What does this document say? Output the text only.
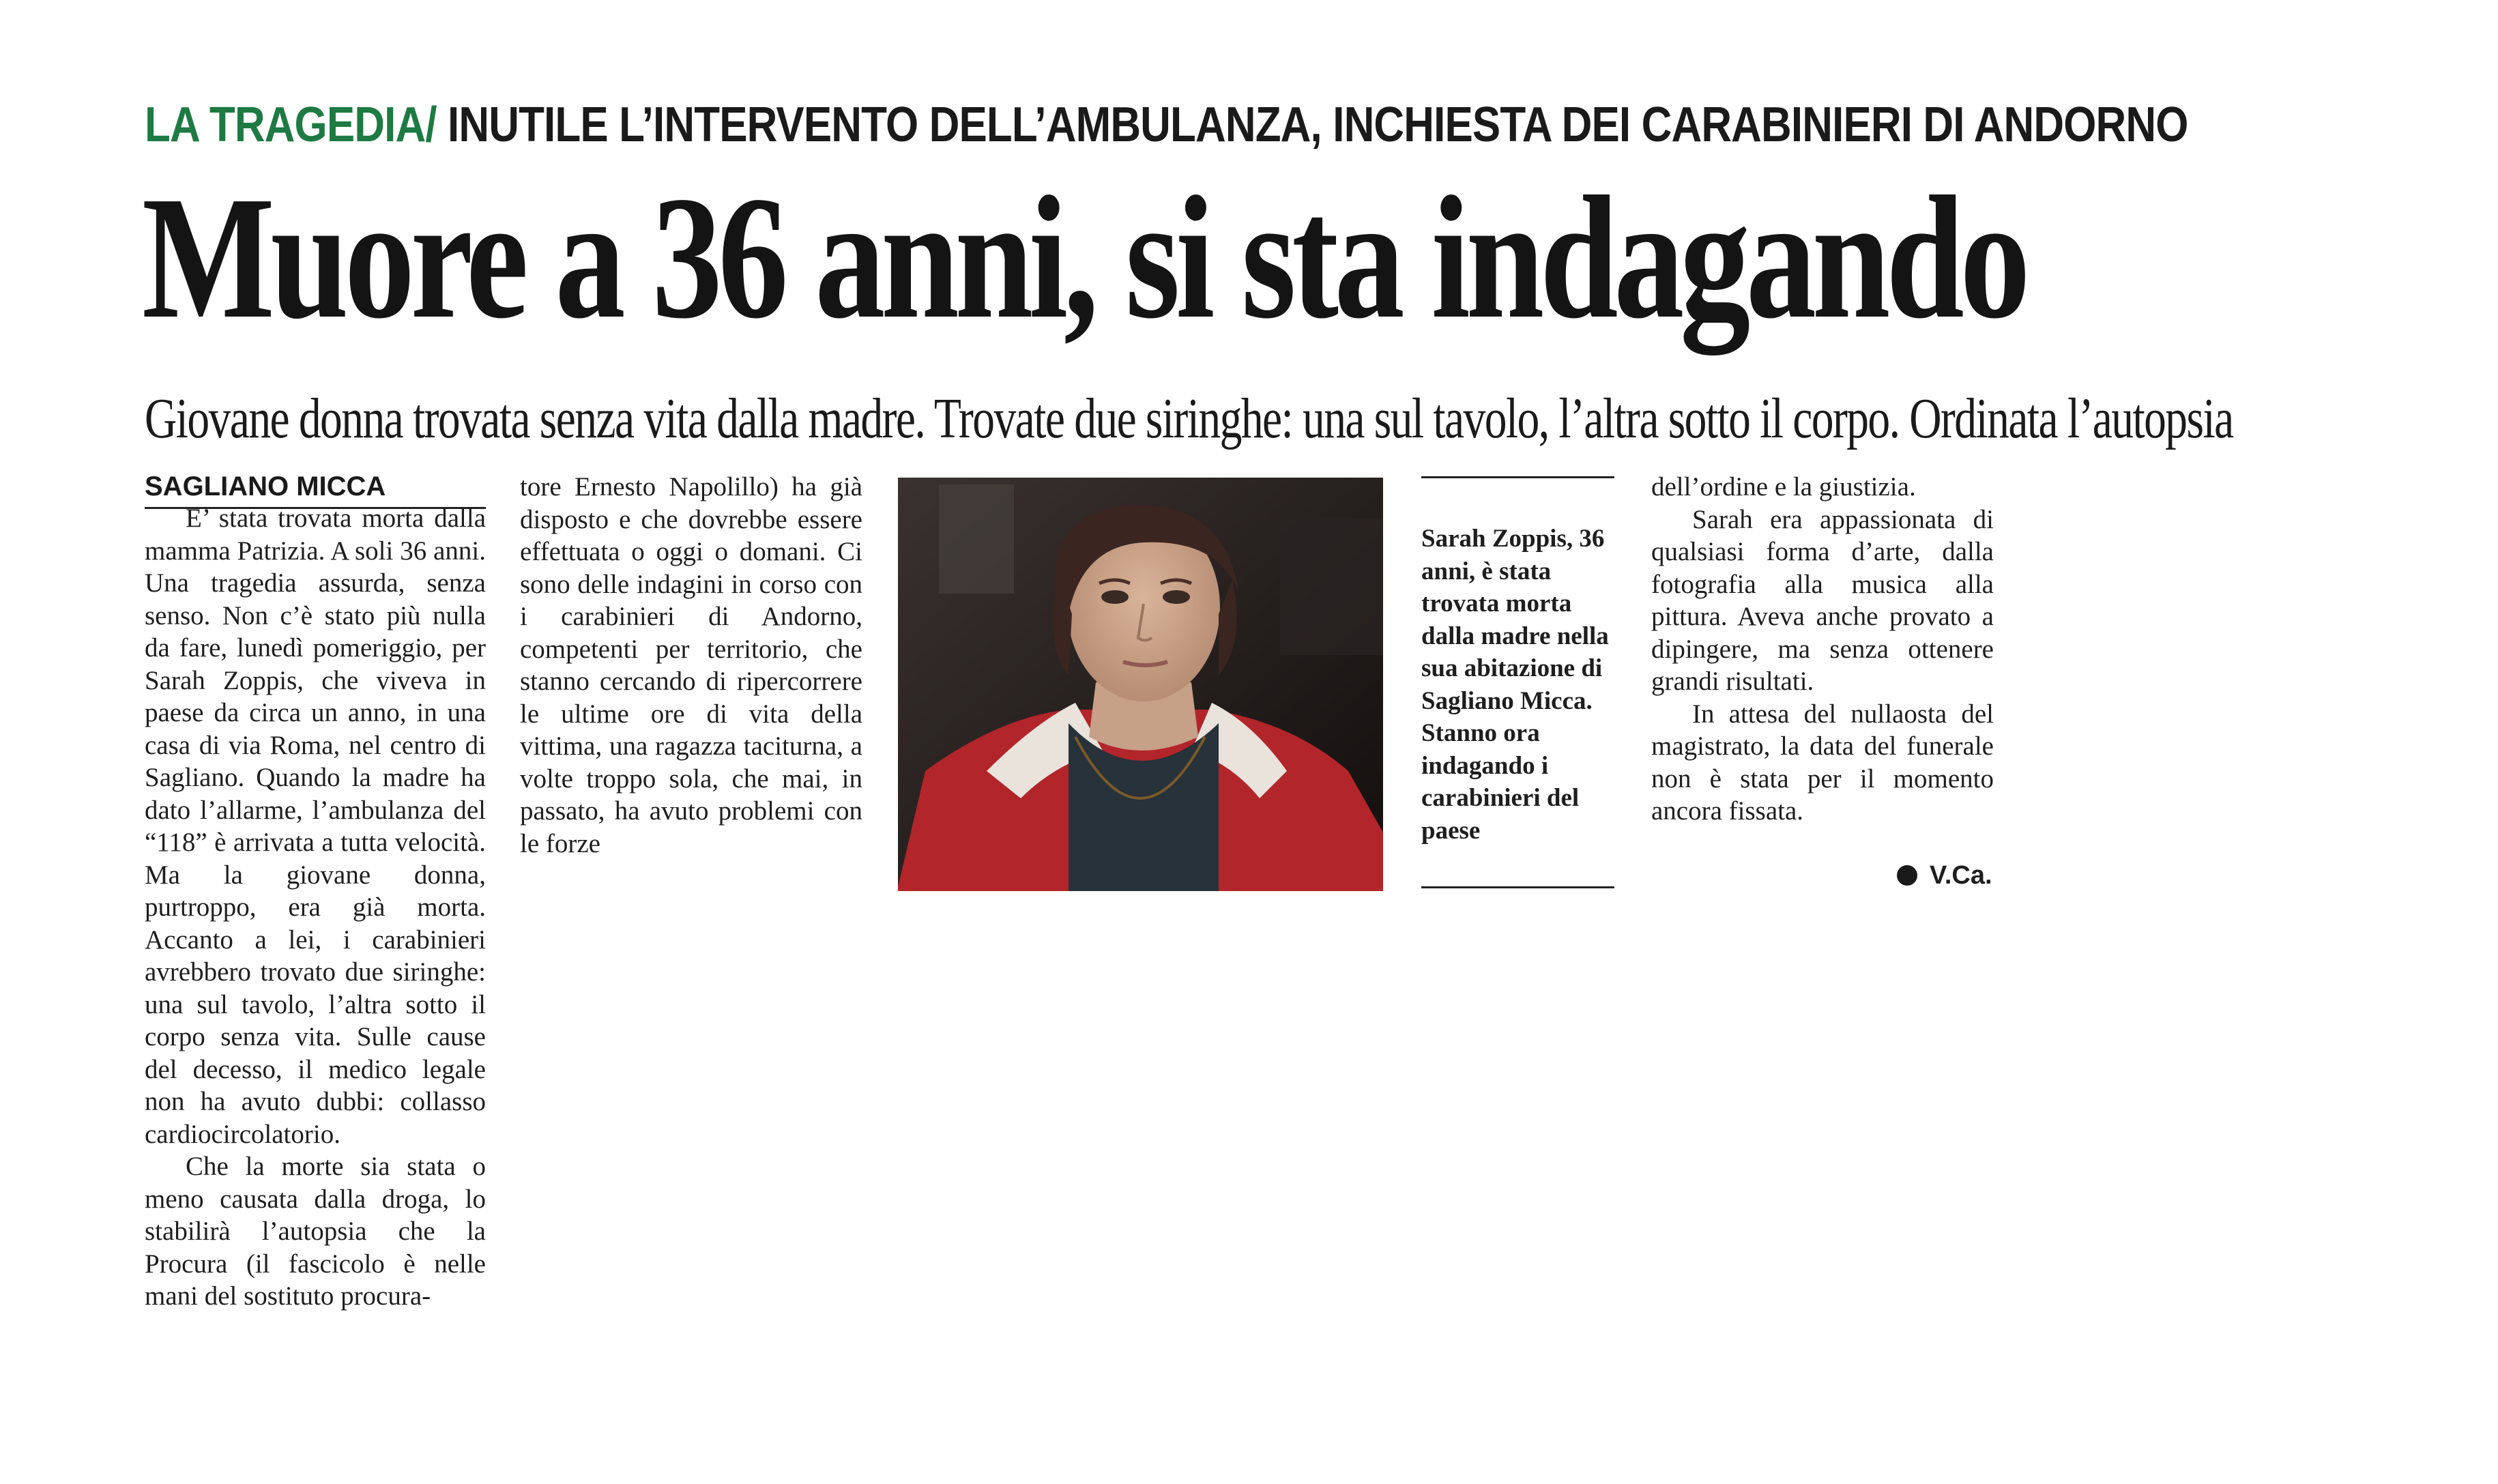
LA TRAGEDIA/ INUTILE L’INTERVENTO DELL’AMBULANZA, INCHIESTA DEI CARABINIERI DI ANDORNO
Muore a 36 anni, si sta indagando
Giovane donna trovata senza vita dalla madre. Trovate due siringhe: una sul tavolo, l’altra sotto il corpo. Ordinata l’autopsia
SAGLIANO MICCA

E’ stata trovata morta dalla mamma Patrizia. A soli 36 anni. Una tragedia assurda, senza senso. Non c’è stato più nulla da fare, lunedì pomeriggio, per Sarah Zoppis, che viveva in paese da circa un anno, in una casa di via Roma, nel centro di Sagliano. Quando la madre ha dato l’allarme, l’ambulanza del “118” è arrivata a tutta velocità. Ma la giovane donna, purtroppo, era già morta. Accanto a lei, i carabinieri avrebbero trovato due siringhe: una sul tavolo, l’altra sotto il corpo senza vita. Sulle cause del decesso, il medico legale non ha avuto dubbi: collasso cardiocircolatorio.

Che la morte sia stata o meno causata dalla droga, lo stabilirà l’autopsia che la Procura (il fascicolo è nelle mani del sostituto procura-

tore Ernesto Napolillo) ha già disposto e che dovrebbe essere effettuata o oggi o domani. Ci sono delle indagini in corso con i carabinieri di Andorno, competenti per territorio, che stanno cercando di ripercorrere le ultime ore di vita della vittima, una ragazza taciturna, a volte troppo sola, che mai, in passato, ha avuto problemi con le forze

Sarah Zoppis, 36 anni, è stata trovata morta dalla madre nella sua abitazione di Sagliano Micca. Stanno ora indagando i carabinieri del paese

dell’ordine e la giustizia.

Sarah era appassionata di qualsiasi forma d’arte, dalla fotografia alla musica alla pittura. Aveva anche provato a dipingere, ma senza ottenere grandi risultati.

In attesa del nullaosta del magistrato, la data del funerale non è stata per il momento ancora fissata.

V.Ca.
